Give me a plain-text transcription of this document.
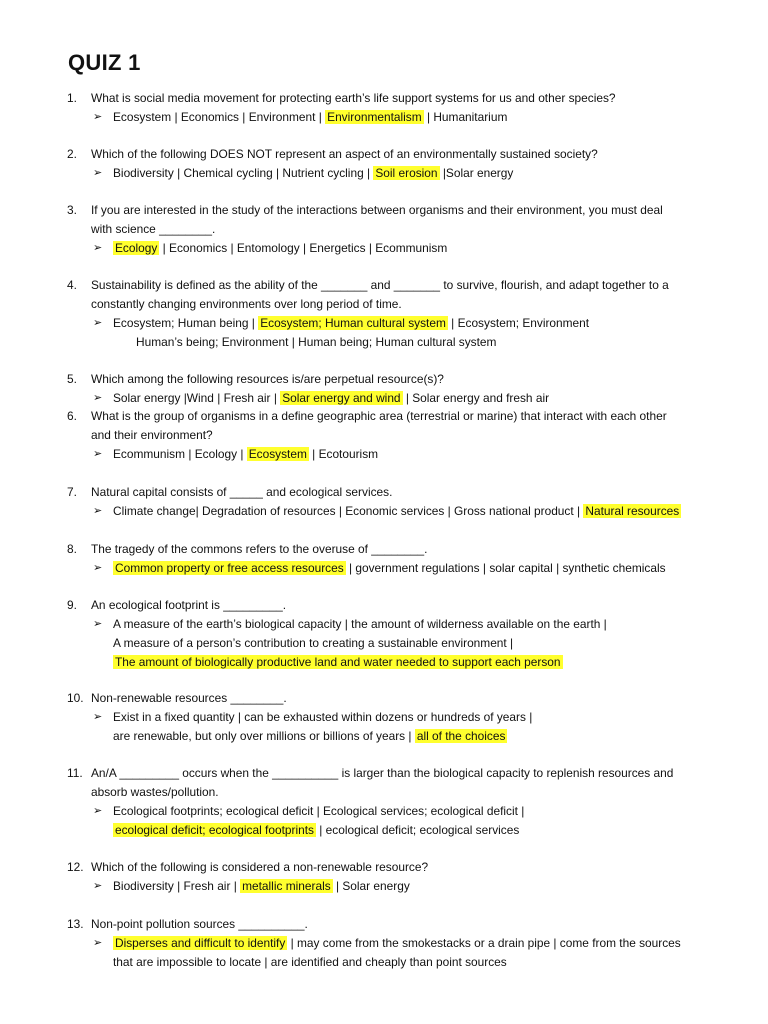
QUIZ 1
1. What is social media movement for protecting earth’s life support systems for us and other species?
➢ Ecosystem | Economics | Environment | Environmentalism | Humanitarium
2. Which of the following DOES NOT represent an aspect of an environmentally sustained society?
➢ Biodiversity | Chemical cycling | Nutrient cycling | Soil erosion |Solar energy
3. If you are interested in the study of the interactions between organisms and their environment, you must deal
with science ________.
➢ Ecology | Economics | Entomology | Energetics | Ecommunism
4. Sustainability is defined as the ability of the _______ and _______ to survive, flourish, and adapt together to a
constantly changing environments over long period of time.
➢ Ecosystem; Human being | Ecosystem; Human cultural system | Ecosystem; Environment
Human’s being; Environment | Human being; Human cultural system
5. Which among the following resources is/are perpetual resource(s)?
➢ Solar energy |Wind | Fresh air | Solar energy and wind | Solar energy and fresh air
6. What is the group of organisms in a define geographic area (terrestrial or marine) that interact with each other
and their environment?
➢ Ecommunism | Ecology | Ecosystem | Ecotourism
7. Natural capital consists of _____ and ecological services.
➢ Climate change| Degradation of resources | Economic services | Gross national product | Natural resources
8. The tragedy of the commons refers to the overuse of ________.
➢ Common property or free access resources | government regulations | solar capital | synthetic chemicals
9. An ecological footprint is _________.
➢ A measure of the earth’s biological capacity | the amount of wilderness available on the earth |
A measure of a person’s contribution to creating a sustainable environment |
The amount of biologically productive land and water needed to support each person
10. Non-renewable resources ________.
➢ Exist in a fixed quantity | can be exhausted within dozens or hundreds of years |
are renewable, but only over millions or billions of years | all of the choices
11. An/A _________ occurs when the __________ is larger than the biological capacity to replenish resources and
absorb wastes/pollution.
➢ Ecological footprints; ecological deficit | Ecological services; ecological deficit |
ecological deficit; ecological footprints | ecological deficit; ecological services
12. Which of the following is considered a non-renewable resource?
➢ Biodiversity | Fresh air | metallic minerals | Solar energy
13. Non-point pollution sources __________.
➢ Disperses and difficult to identify | may come from the smokestacks or a drain pipe | come from the sources
that are impossible to locate | are identified and cheaply than point sources
